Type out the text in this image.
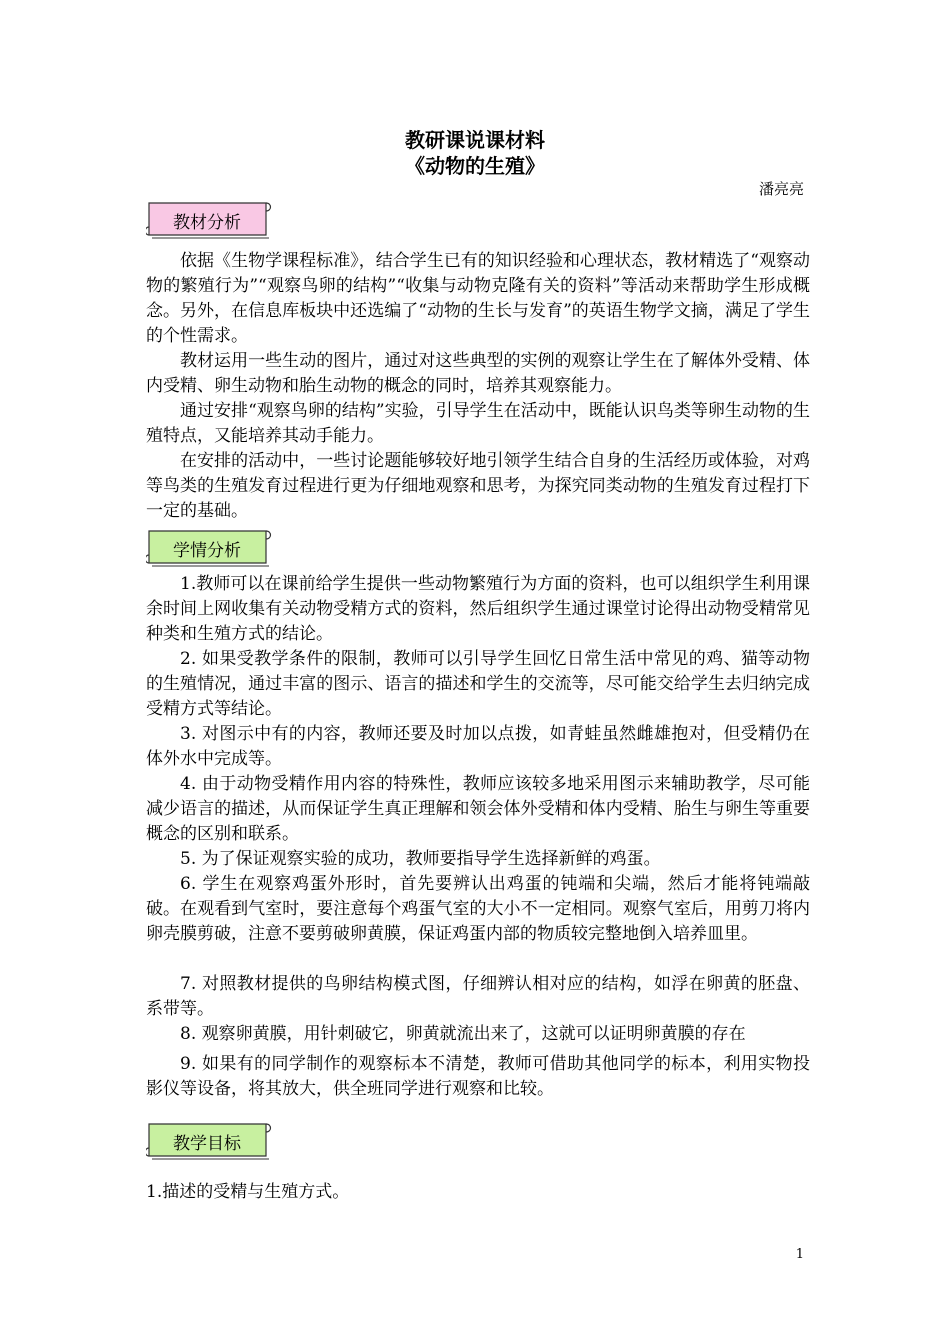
教研课说课材料
《动物的生殖》
潘亮亮
教材分析
依据《生物学课程标准》，结合学生已有的知识经验和心理状态，教材精选了“观察动物的繁殖行为”“观察鸟卵的结构”“收集与动物克隆有关的资料”等活动来帮助学生形成概念。另外，在信息库板块中还选编了“动物的生长与发育”的英语生物学文摘，满足了学生的个性需求。
教材运用一些生动的图片，通过对这些典型的实例的观察让学生在了解体外受精、体内受精、卵生动物和胎生动物的概念的同时，培养其观察能力。
通过安排“观察鸟卵的结构”实验，引导学生在活动中，既能认识鸟类等卵生动物的生殖特点，又能培养其动手能力。
在安排的活动中，一些讨论题能够较好地引领学生结合自身的生活经历或体验，对鸡等鸟类的生殖发育过程进行更为仔细地观察和思考，为探究同类动物的生殖发育过程打下一定的基础。
学情分析
1.教师可以在课前给学生提供一些动物繁殖行为方面的资料，也可以组织学生利用课余时间上网收集有关动物受精方式的资料，然后组织学生通过课堂讨论得出动物受精常见种类和生殖方式的结论。
2. 如果受教学条件的限制，教师可以引导学生回忆日常生活中常见的鸡、猫等动物的生殖情况，通过丰富的图示、语言的描述和学生的交流等，尽可能交给学生去归纳完成受精方式等结论。
3. 对图示中有的内容，教师还要及时加以点拨，如青蛙虽然雌雄抱对，但受精仍在体外水中完成等。
4. 由于动物受精作用内容的特殊性，教师应该较多地采用图示来辅助教学，尽可能减少语言的描述，从而保证学生真正理解和领会体外受精和体内受精、胎生与卵生等重要概念的区别和联系。
5. 为了保证观察实验的成功，教师要指导学生选择新鲜的鸡蛋。
6. 学生在观察鸡蛋外形时，首先要辨认出鸡蛋的钝端和尖端，然后才能将钝端敲破。在观看到气室时，要注意每个鸡蛋气室的大小不一定相同。观察气室后，用剪刀将内卵壳膜剪破，注意不要剪破卵黄膜，保证鸡蛋内部的物质较完整地倒入培养皿里。
7. 对照教材提供的鸟卵结构模式图，仔细辨认相对应的结构，如浮在卵黄的胚盘、系带等。
8. 观察卵黄膜，用针刺破它，卵黄就流出来了，这就可以证明卵黄膜的存在
9. 如果有的同学制作的观察标本不清楚，教师可借助其他同学的标本，利用实物投影仪等设备，将其放大，供全班同学进行观察和比较。
教学目标
1.描述的受精与生殖方式。
1
